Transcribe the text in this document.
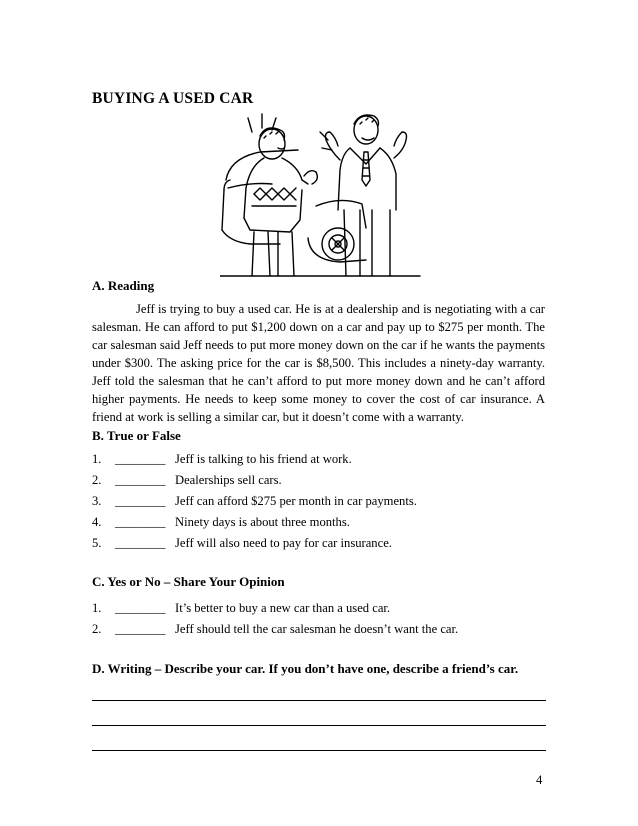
BUYING A USED CAR
A. Reading
Jeff is trying to buy a used car. He is at a dealership and is negotiating with a car salesman. He can afford to put $1,200 down on a car and pay up to $275 per month. The car salesman said Jeff needs to put more money down on the car if he wants the payments under $300. The asking price for the car is $8,500. This includes a ninety-day warranty. Jeff told the salesman that he can’t afford to put more money down and he can’t afford higher payments. He needs to keep some money to cover the cost of car insurance. A friend at work is selling a similar car, but it doesn’t come with a warranty.
B. True or False
1. ________ Jeff is talking to his friend at work.
2. ________ Dealerships sell cars.
3. ________ Jeff can afford $275 per month in car payments.
4. ________ Ninety days is about three months.
5. ________ Jeff will also need to pay for car insurance.
C. Yes or No – Share Your Opinion
1. ________ It’s better to buy a new car than a used car.
2. ________ Jeff should tell the car salesman he doesn’t want the car.
D. Writing – Describe your car. If you don’t have one, describe a friend’s car.
4
